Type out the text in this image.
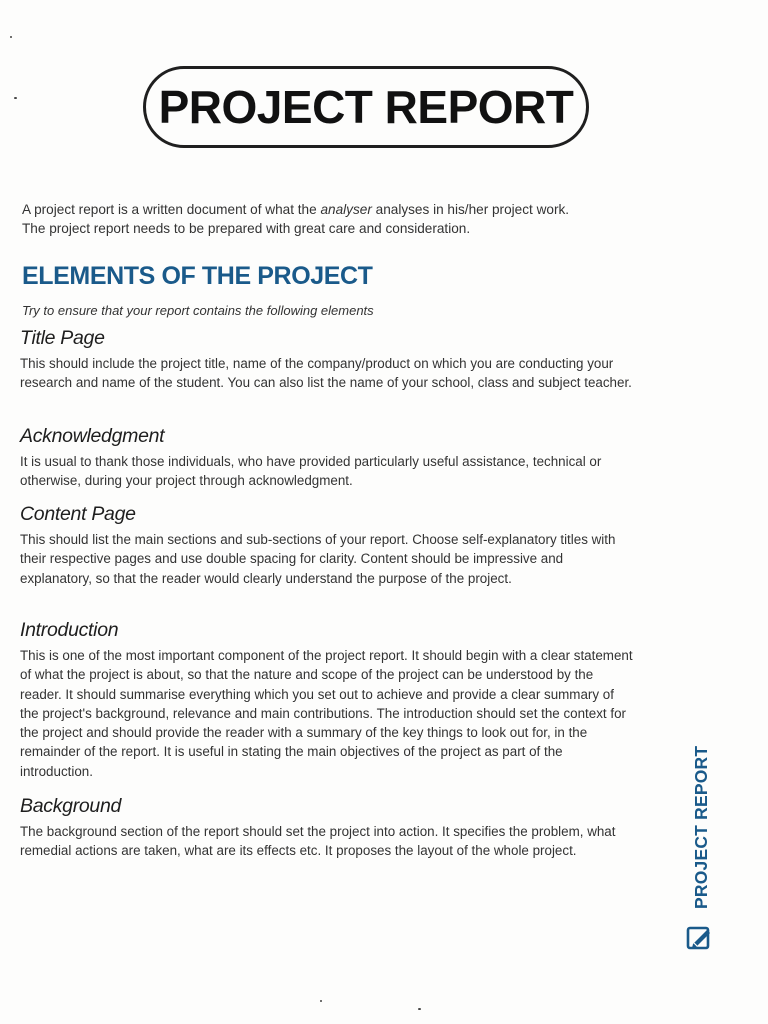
PROJECT REPORT
A project report is a written document of what the analyser analyses in his/her project work.
The project report needs to be prepared with great care and consideration.
ELEMENTS OF THE PROJECT
Try to ensure that your report contains the following elements
Title Page

This should include the project title, name of the company/product on which you are conducting your research and name of the student. You can also list the name of your school, class and subject teacher.

Acknowledgment

It is usual to thank those individuals, who have provided particularly useful assistance, technical or otherwise, during your project through acknowledgment.

Content Page

This should list the main sections and sub-sections of your report. Choose self-explanatory titles with their respective pages and use double spacing for clarity. Content should be impressive and explanatory, so that the reader would clearly understand the purpose of the project.

Introduction

This is one of the most important component of the project report. It should begin with a clear statement of what the project is about, so that the nature and scope of the project can be understood by the reader. It should summarise everything which you set out to achieve and provide a clear summary of the project's background, relevance and main contributions. The introduction should set the context for the project and should provide the reader with a summary of the key things to look out for, in the remainder of the report. It is useful in stating the main objectives of the project as part of the introduction.

Background

The background section of the report should set the project into action. It specifies the problem, what remedial actions are taken, what are its effects etc. It proposes the layout of the whole project.	PROJECT REPORT
